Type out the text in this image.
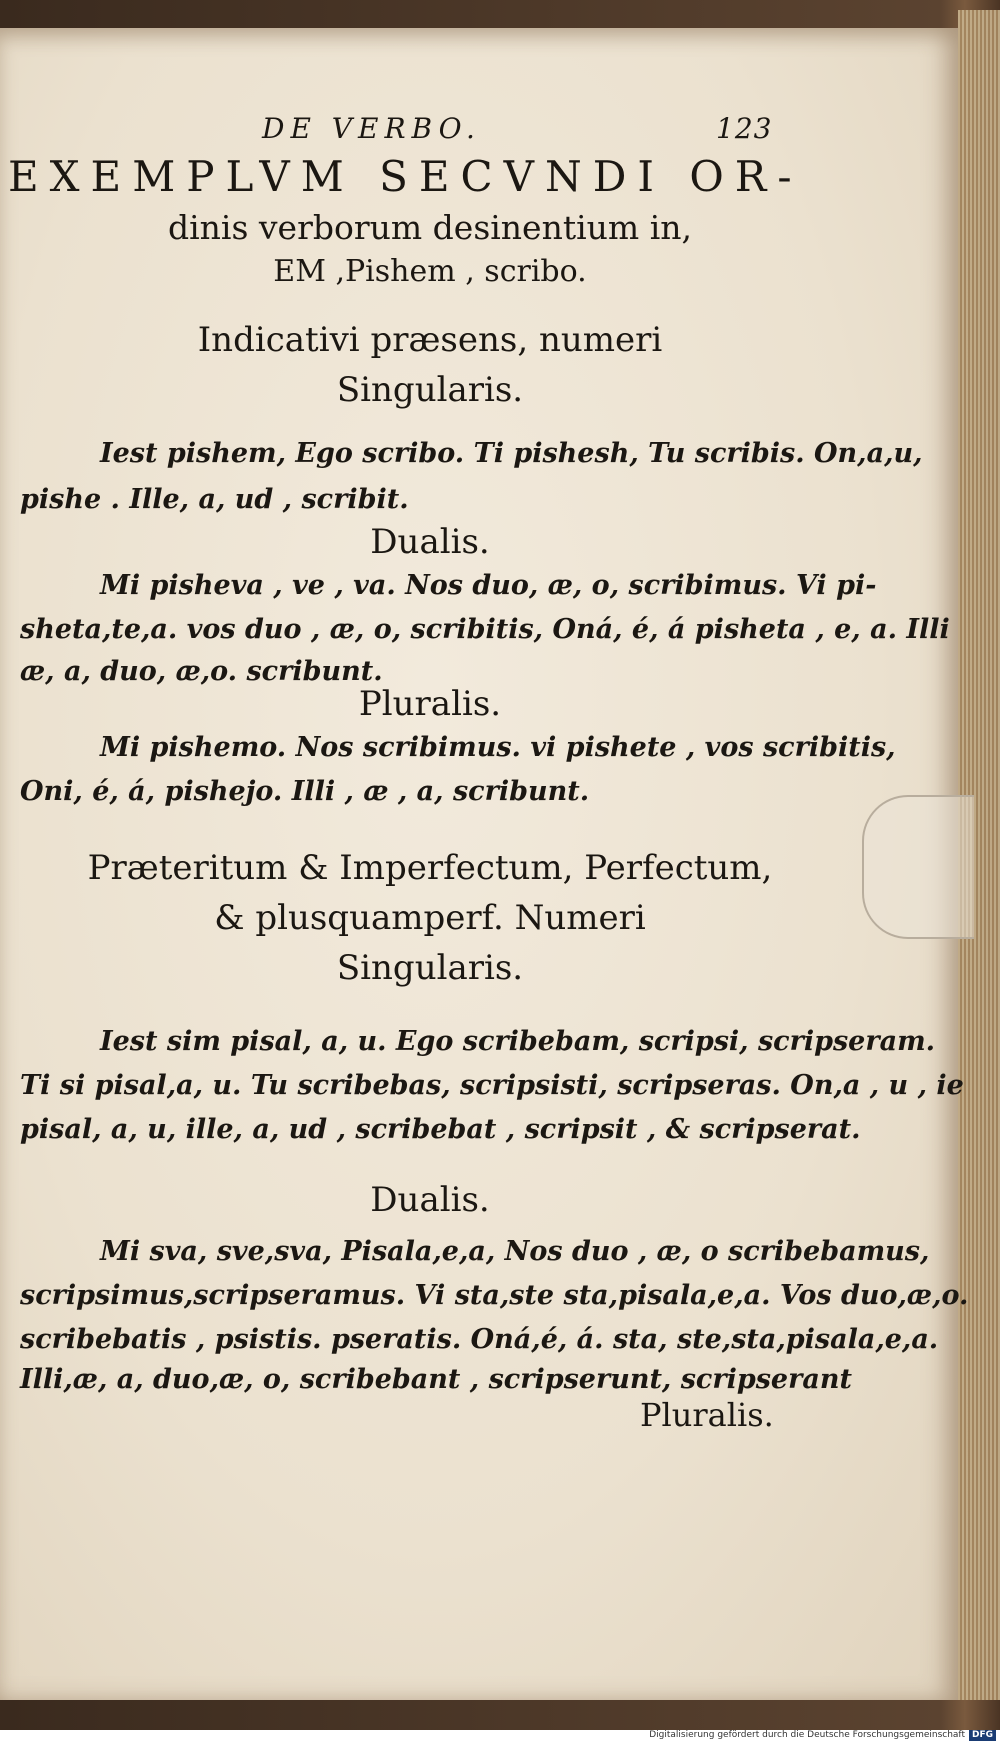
DE VERBO.	123
EXEMPLVM SECVNDI OR-
dinis verborum desinentium in,
EM ,Pishem , scribo.
Indicativi præsens, numeri
Singularis.
Iest pishem, Ego scribo. Ti pishesh, Tu scribis. On,a,u,
pishe . Ille, a, ud , scribit.
Dualis.
Mi pisheva , ve , va. Nos duo, æ, o, scribimus. Vi pi-
sheta,te,a. vos duo , æ, o, scribitis, Oná, é, á pisheta , e, a. Illi
æ, a, duo, æ,o. scribunt.
Pluralis.
Mi pishemo. Nos scribimus. vi pishete , vos scribitis,
Oni, é, á, pishejo. Illi , æ , a, scribunt.
Præteritum & Imperfectum, Perfectum,
& plusquamperf. Numeri
Singularis.
Iest sim pisal, a, u. Ego scribebam, scripsi, scripseram.
Ti si pisal,a, u. Tu scribebas, scripsisti, scripseras. On,a , u , ie
pisal, a, u, ille, a, ud , scribebat , scripsit , & scripserat.
Dualis.
Mi sva, sve,sva, Pisala,e,a, Nos duo , æ, o scribebamus,
scripsimus,scripseramus. Vi sta,ste sta,pisala,e,a. Vos duo,æ,o.
scribebatis , psistis. pseratis. Oná,é, á. sta, ste,sta,pisala,e,a.
Illi,æ, a, duo,æ, o, scribebant , scripserunt, scripserant
Pluralis.
Digitalisierung gefördert durch die Deutsche Forschungsgemeinschaft DFG
